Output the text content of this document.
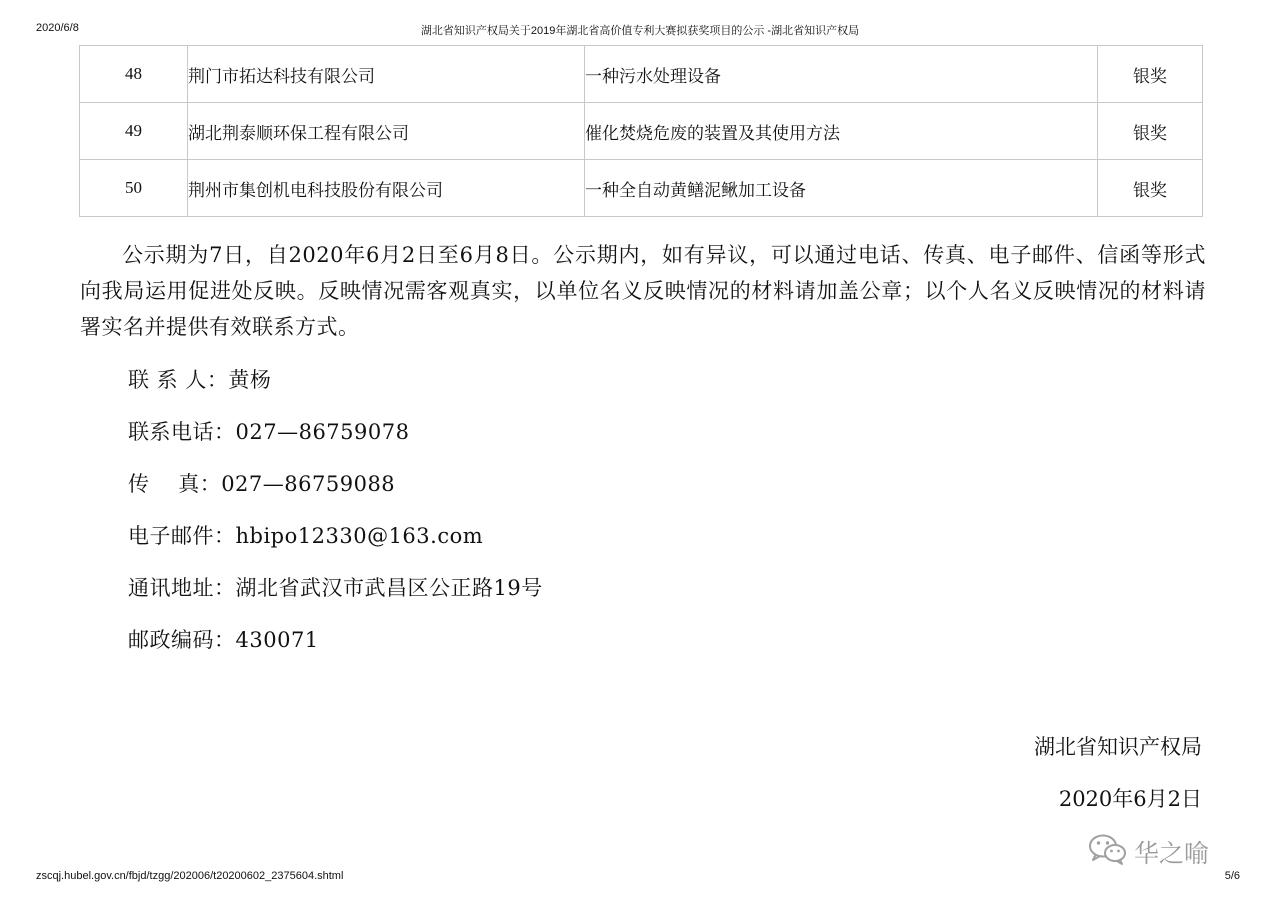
2020/6/8	湖北省知识产权局关于2019年湖北省高价值专利大赛拟获奖项目的公示 -湖北省知识产权局
48	荆门市拓达科技有限公司	一种污水处理设备	银奖
49	湖北荆泰顺环保工程有限公司	催化焚烧危废的装置及其使用方法	银奖
50	荆州市集创机电科技股份有限公司	一种全自动黄鳝泥鳅加工设备	银奖

公示期为7日，自2020年6月2日至6月8日。公示期内，如有异议，可以通过电话、传真、电子邮件、信函等形式向我局运用促进处反映。反映情况需客观真实，以单位名义反映情况的材料请加盖公章；以个人名义反映情况的材料请署实名并提供有效联系方式。

联 系 人：黄杨

联系电话：027—86759078

传    真：027—86759088

电子邮件：hbipo12330@163.com

通讯地址：湖北省武汉市武昌区公正路19号

邮政编码：430071

湖北省知识产权局

2020年6月2日

华之喻
zscqj.hubel.gov.cn/fbjd/tzgg/202006/t20200602_2375604.shtml	5/6
